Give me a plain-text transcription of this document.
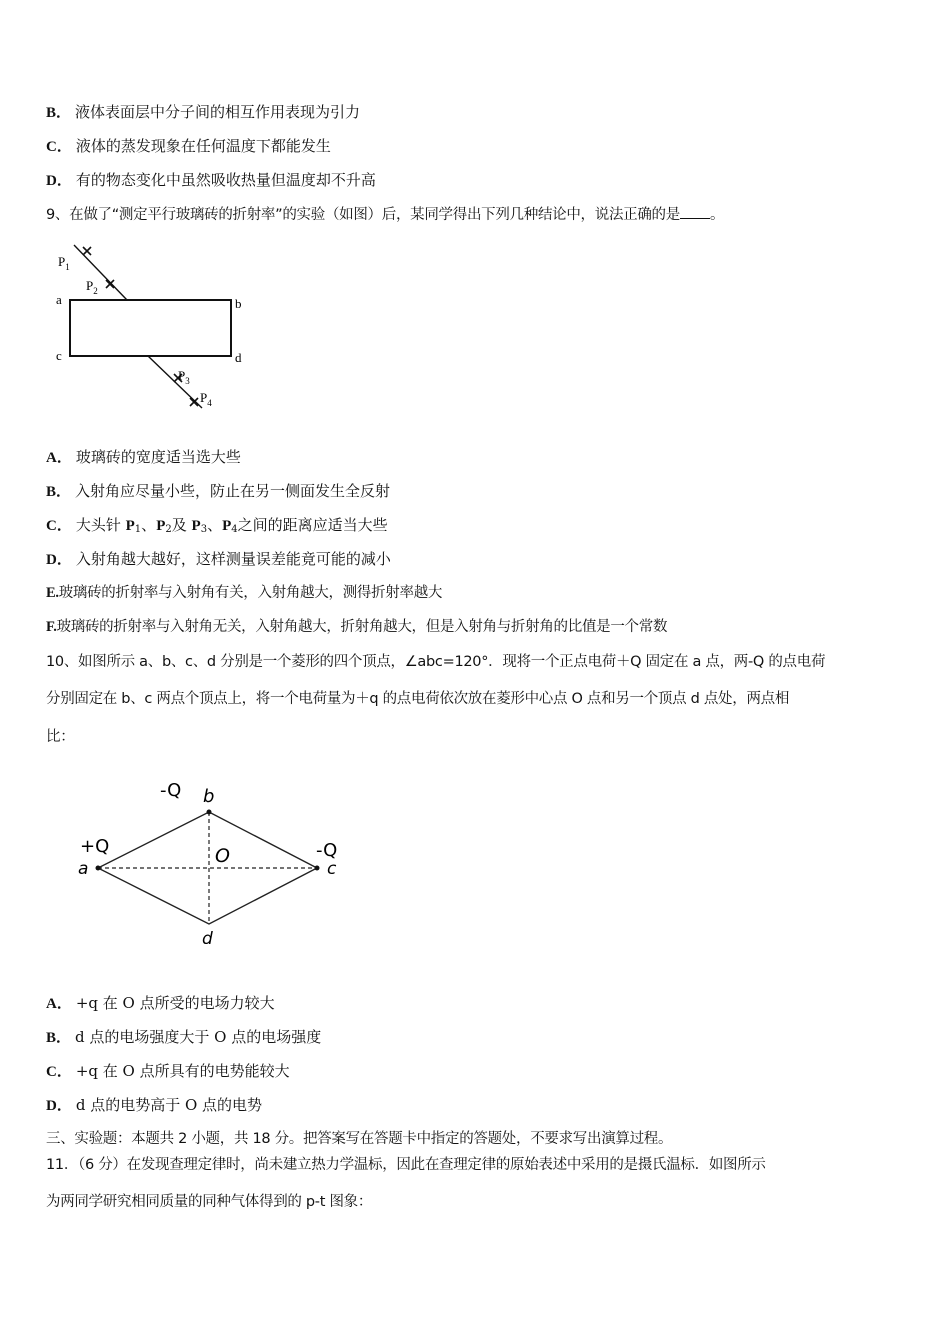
B． 液体表面层中分子间的相互作用表现为引力
C． 液体的蒸发现象在任何温度下都能发生
D． 有的物态变化中虽然吸收热量但温度却不升高
9、在做了“测定平行玻璃砖的折射率”的实验（如图）后，某同学得出下列几种结论中，说法正确的是 。
$P_1$
$P_2$
$P_3$
$P_4$
a	b
c	d
A． 玻璃砖的宽度适当选大些
B． 入射角应尽量小些，防止在另一侧面发生全反射
C． 大头针 $P_1$、$P_2$及 $P_3$、$P_4$之间的距离应适当大些
D． 入射角越大越好，这样测量误差能竟可能的减小
E.玻璃砖的折射率与入射角有关，入射角越大，测得折射率越大
F.玻璃砖的折射率与入射角无关，入射角越大，折射角越大，但是入射角与折射角的比值是一个常数
10、如图所示 a、b、c、d 分别是一个菱形的四个顶点，∠abc=120°．现将一个正点电荷＋Q 固定在 a 点，两-Q 的点电荷
分别固定在 b、c 两点个顶点上，将一个电荷量为＋q 的点电荷依次放在菱形中心点 O 点和另一个顶点 d 点处，两点相
比：
+Q
a
-Q b
O	-Q
c
d
A． +q 在 O 点所受的电场力较大
B． d 点的电场强度大于 O 点的电场强度
C． +q 在 O 点所具有的电势能较大
D． d 点的电势高于 O 点的电势
三、实验题：本题共 2 小题，共 18 分。把答案写在答题卡中指定的答题处，不要求写出演算过程。
11．（6 分）在发现查理定律时，尚未建立热力学温标，因此在查理定律的原始表述中采用的是摄氏温标．如图所示
为两同学研究相同质量的同种气体得到的 p-t 图象：
